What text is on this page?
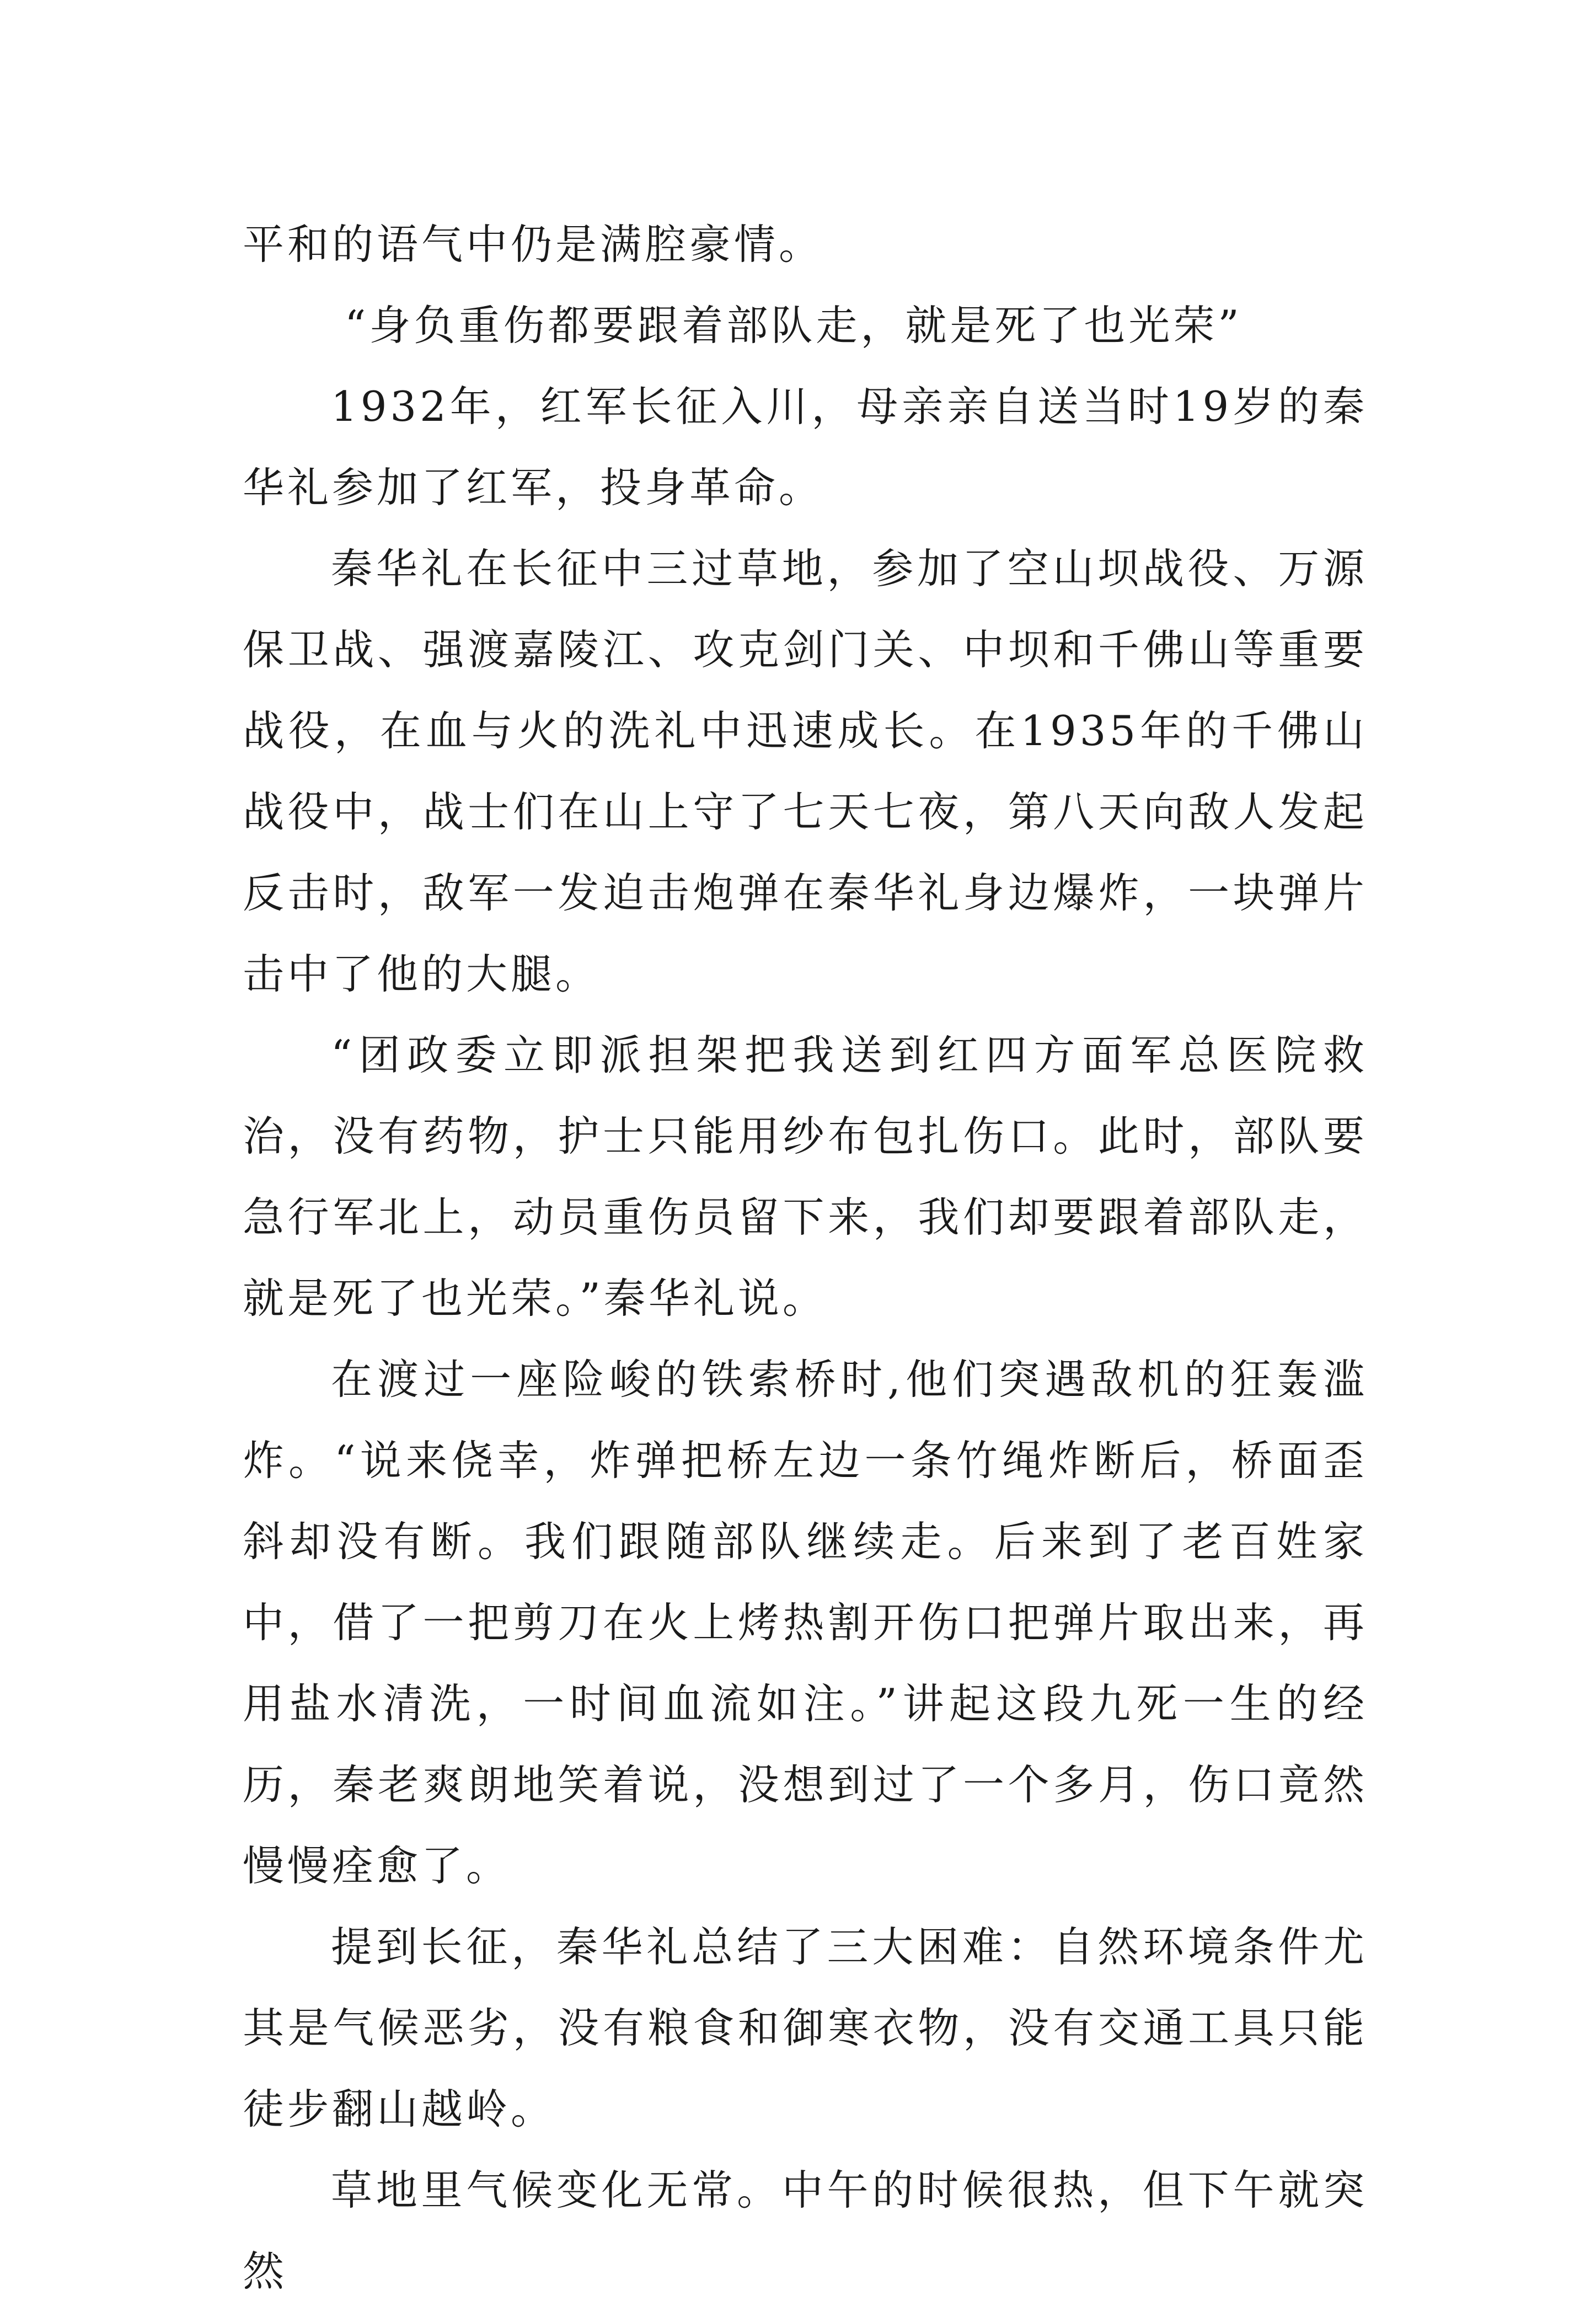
平和的语气中仍是满腔豪情。

“身负重伤都要跟着部队走，就是死了也光荣”

1932年，红军长征入川，母亲亲自送当时19岁的秦华礼参加了红军，投身革命。

秦华礼在长征中三过草地，参加了空山坝战役、万源保卫战、强渡嘉陵江、攻克剑门关、中坝和千佛山等重要战役，在血与火的洗礼中迅速成长。在1935年的千佛山战役中，战士们在山上守了七天七夜，第八天向敌人发起反击时，敌军一发迫击炮弹在秦华礼身边爆炸，一块弹片击中了他的大腿。

“团政委立即派担架把我送到红四方面军总医院救治，没有药物，护士只能用纱布包扎伤口。此时，部队要急行军北上，动员重伤员留下来，我们却要跟着部队走，就是死了也光荣。”秦华礼说。

在渡过一座险峻的铁索桥时,他们突遇敌机的狂轰滥炸。“说来侥幸，炸弹把桥左边一条竹绳炸断后，桥面歪斜却没有断。我们跟随部队继续走。后来到了老百姓家中，借了一把剪刀在火上烤热割开伤口把弹片取出来，再用盐水清洗，一时间血流如注。”讲起这段九死一生的经历，秦老爽朗地笑着说，没想到过了一个多月，伤口竟然慢慢痊愈了。

提到长征，秦华礼总结了三大困难：自然环境条件尤其是气候恶劣，没有粮食和御寒衣物，没有交通工具只能徒步翻山越岭。

草地里气候变化无常。中午的时候很热，但下午就突然
